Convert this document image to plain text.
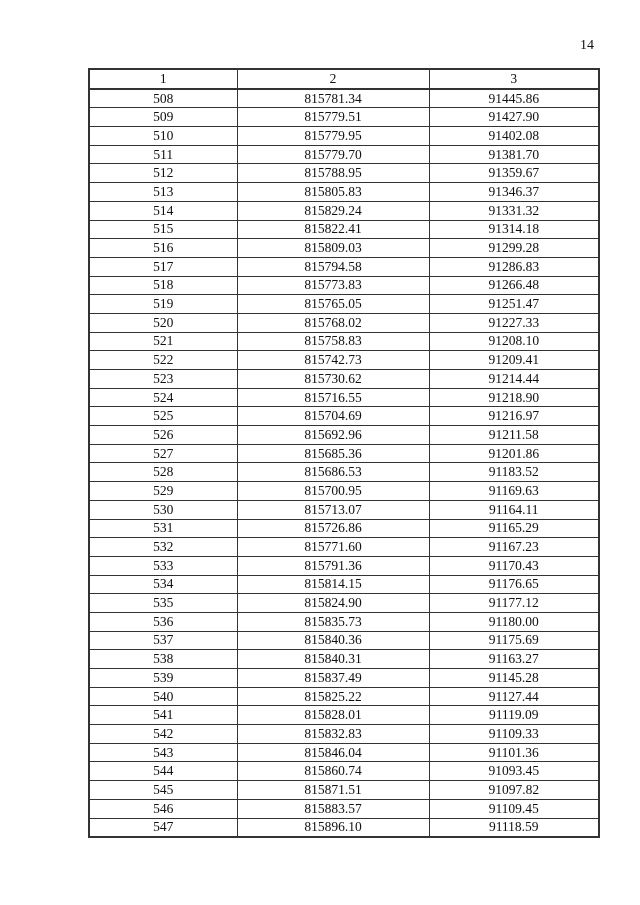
14
1	2	3
508	815781.34	91445.86
509	815779.51	91427.90
510	815779.95	91402.08
511	815779.70	91381.70
512	815788.95	91359.67
513	815805.83	91346.37
514	815829.24	91331.32
515	815822.41	91314.18
516	815809.03	91299.28
517	815794.58	91286.83
518	815773.83	91266.48
519	815765.05	91251.47
520	815768.02	91227.33
521	815758.83	91208.10
522	815742.73	91209.41
523	815730.62	91214.44
524	815716.55	91218.90
525	815704.69	91216.97
526	815692.96	91211.58
527	815685.36	91201.86
528	815686.53	91183.52
529	815700.95	91169.63
530	815713.07	91164.11
531	815726.86	91165.29
532	815771.60	91167.23
533	815791.36	91170.43
534	815814.15	91176.65
535	815824.90	91177.12
536	815835.73	91180.00
537	815840.36	91175.69
538	815840.31	91163.27
539	815837.49	91145.28
540	815825.22	91127.44
541	815828.01	91119.09
542	815832.83	91109.33
543	815846.04	91101.36
544	815860.74	91093.45
545	815871.51	91097.82
546	815883.57	91109.45
547	815896.10	91118.59
